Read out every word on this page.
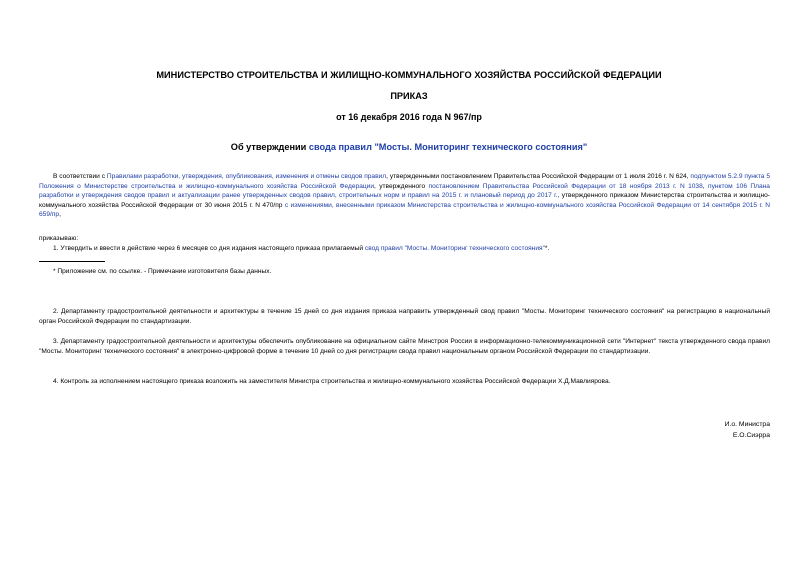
МИНИСТЕРСТВО СТРОИТЕЛЬСТВА И ЖИЛИЩНО-КОММУНАЛЬНОГО ХОЗЯЙСТВА РОССИЙСКОЙ ФЕДЕРАЦИИ
ПРИКАЗ
от 16 декабря 2016 года N 967/пр
Об утверждении свода правил "Мосты. Мониторинг технического состояния"
В соответствии с Правилами разработки, утверждения, опубликования, изменения и отмены сводов правил, утвержденными постановлением Правительства Российской Федерации от 1 июля 2016 г. N 624, подпунктом 5.2.9 пункта 5 Положения о Министерстве строительства и жилищно-коммунального хозяйства Российской Федерации, утвержденного постановлением Правительства Российской Федерации от 18 ноября 2013 г. N 1038, пунктом 106 Плана разработки и утверждения сводов правил и актуализации ранее утвержденных сводов правил, строительных норм и правил на 2015 г. и плановый период до 2017 г., утвержденного приказом Министерства строительства и жилищно-коммунального хозяйства Российской Федерации от 30 июня 2015 г. N 470/пр с изменениями, внесенными приказом Министерства строительства и жилищно-коммунального хозяйства Российской Федерации от 14 сентября 2015 г. N 659/пр,
приказываю:
1. Утвердить и ввести в действие через 6 месяцев со дня издания настоящего приказа прилагаемый свод правил "Мосты. Мониторинг технического состояния"*.
* Приложение см. по ссылке. - Примечание изготовителя базы данных.
2. Департаменту градостроительной деятельности и архитектуры в течение 15 дней со дня издания приказа направить утвержденный свод правил "Мосты. Мониторинг технического состояния" на регистрацию в национальный орган Российской Федерации по стандартизации.
3. Департаменту градостроительной деятельности и архитектуры обеспечить опубликование на официальном сайте Минстроя России в информационно-телекоммуникационной сети "Интернет" текста утвержденного свода правил "Мосты. Мониторинг технического состояния" в электронно-цифровой форме в течение 10 дней со дня регистрации свода правил национальным органом Российской Федерации по стандартизации.
4. Контроль за исполнением настоящего приказа возложить на заместителя Министра строительства и жилищно-коммунального хозяйства Российской Федерации Х.Д.Мавлиярова.
И.о. Министра
Е.О.Сиэрра
